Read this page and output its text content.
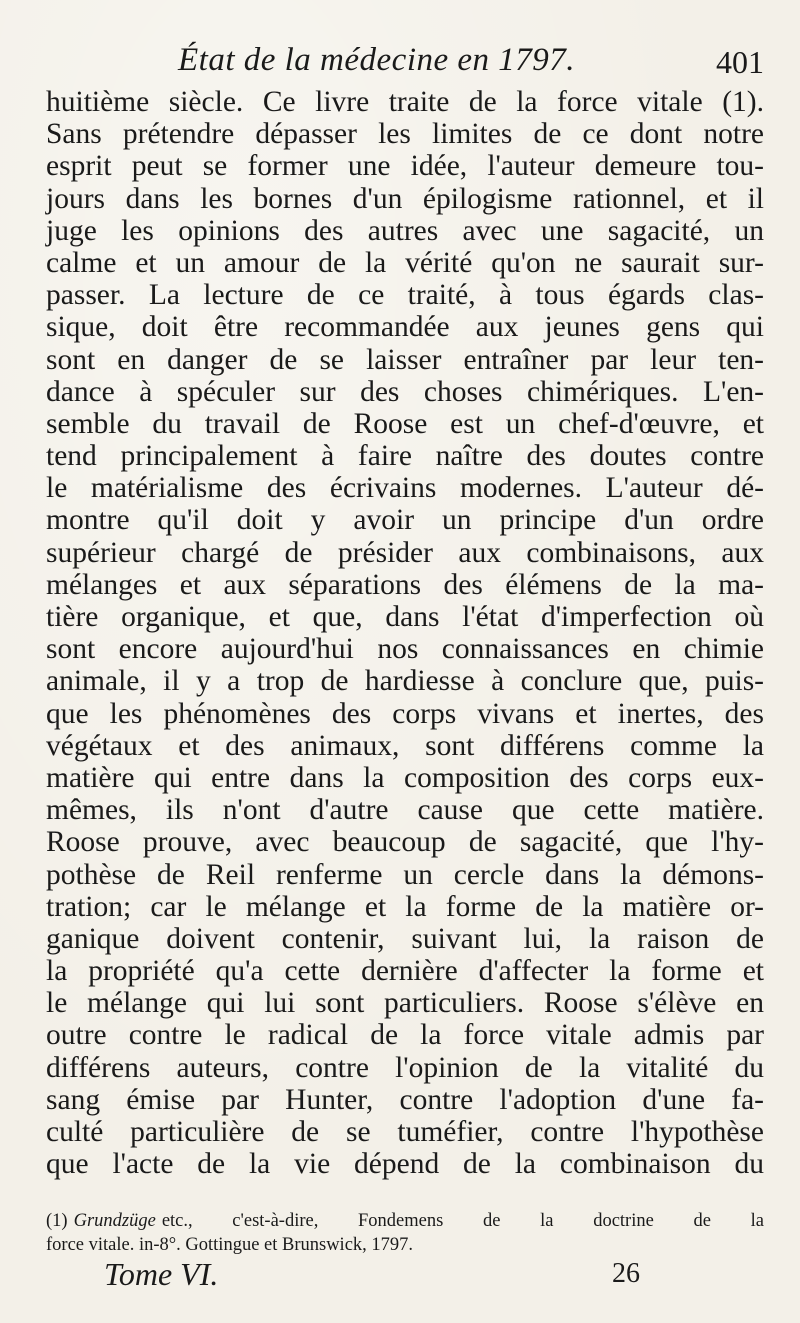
État de la médecine en 1797.	401
huitième siècle. Ce livre traite de la force vitale (1).
Sans prétendre dépasser les limites de ce dont notre
esprit peut se former une idée, l'auteur demeure tou-
jours dans les bornes d'un épilogisme rationnel, et il
juge les opinions des autres avec une sagacité, un
calme et un amour de la vérité qu'on ne saurait sur-
passer. La lecture de ce traité, à tous égards clas-
sique, doit être recommandée aux jeunes gens qui
sont en danger de se laisser entraîner par leur ten-
dance à spéculer sur des choses chimériques. L'en-
semble du travail de Roose est un chef-d'œuvre, et
tend principalement à faire naître des doutes contre
le matérialisme des écrivains modernes. L'auteur dé-
montre qu'il doit y avoir un principe d'un ordre
supérieur chargé de présider aux combinaisons, aux
mélanges et aux séparations des élémens de la ma-
tière organique, et que, dans l'état d'imperfection où
sont encore aujourd'hui nos connaissances en chimie
animale, il y a trop de hardiesse à conclure que, puis-
que les phénomènes des corps vivans et inertes, des
végétaux et des animaux, sont différens comme la
matière qui entre dans la composition des corps eux-
mêmes, ils n'ont d'autre cause que cette matière.
Roose prouve, avec beaucoup de sagacité, que l'hy-
pothèse de Reil renferme un cercle dans la démons-
tration; car le mélange et la forme de la matière or-
ganique doivent contenir, suivant lui, la raison de
la propriété qu'a cette dernière d'affecter la forme et
le mélange qui lui sont particuliers. Roose s'élève en
outre contre le radical de la force vitale admis par
différens auteurs, contre l'opinion de la vitalité du
sang émise par Hunter, contre l'adoption d'une fa-
culté particulière de se tuméfier, contre l'hypothèse
que l'acte de la vie dépend de la combinaison du
(1) Grundzüge etc., c'est-à-dire, Fondemens de la doctrine de la
force vitale. in-8°. Gottingue et Brunswick, 1797.
Tome VI.	26
